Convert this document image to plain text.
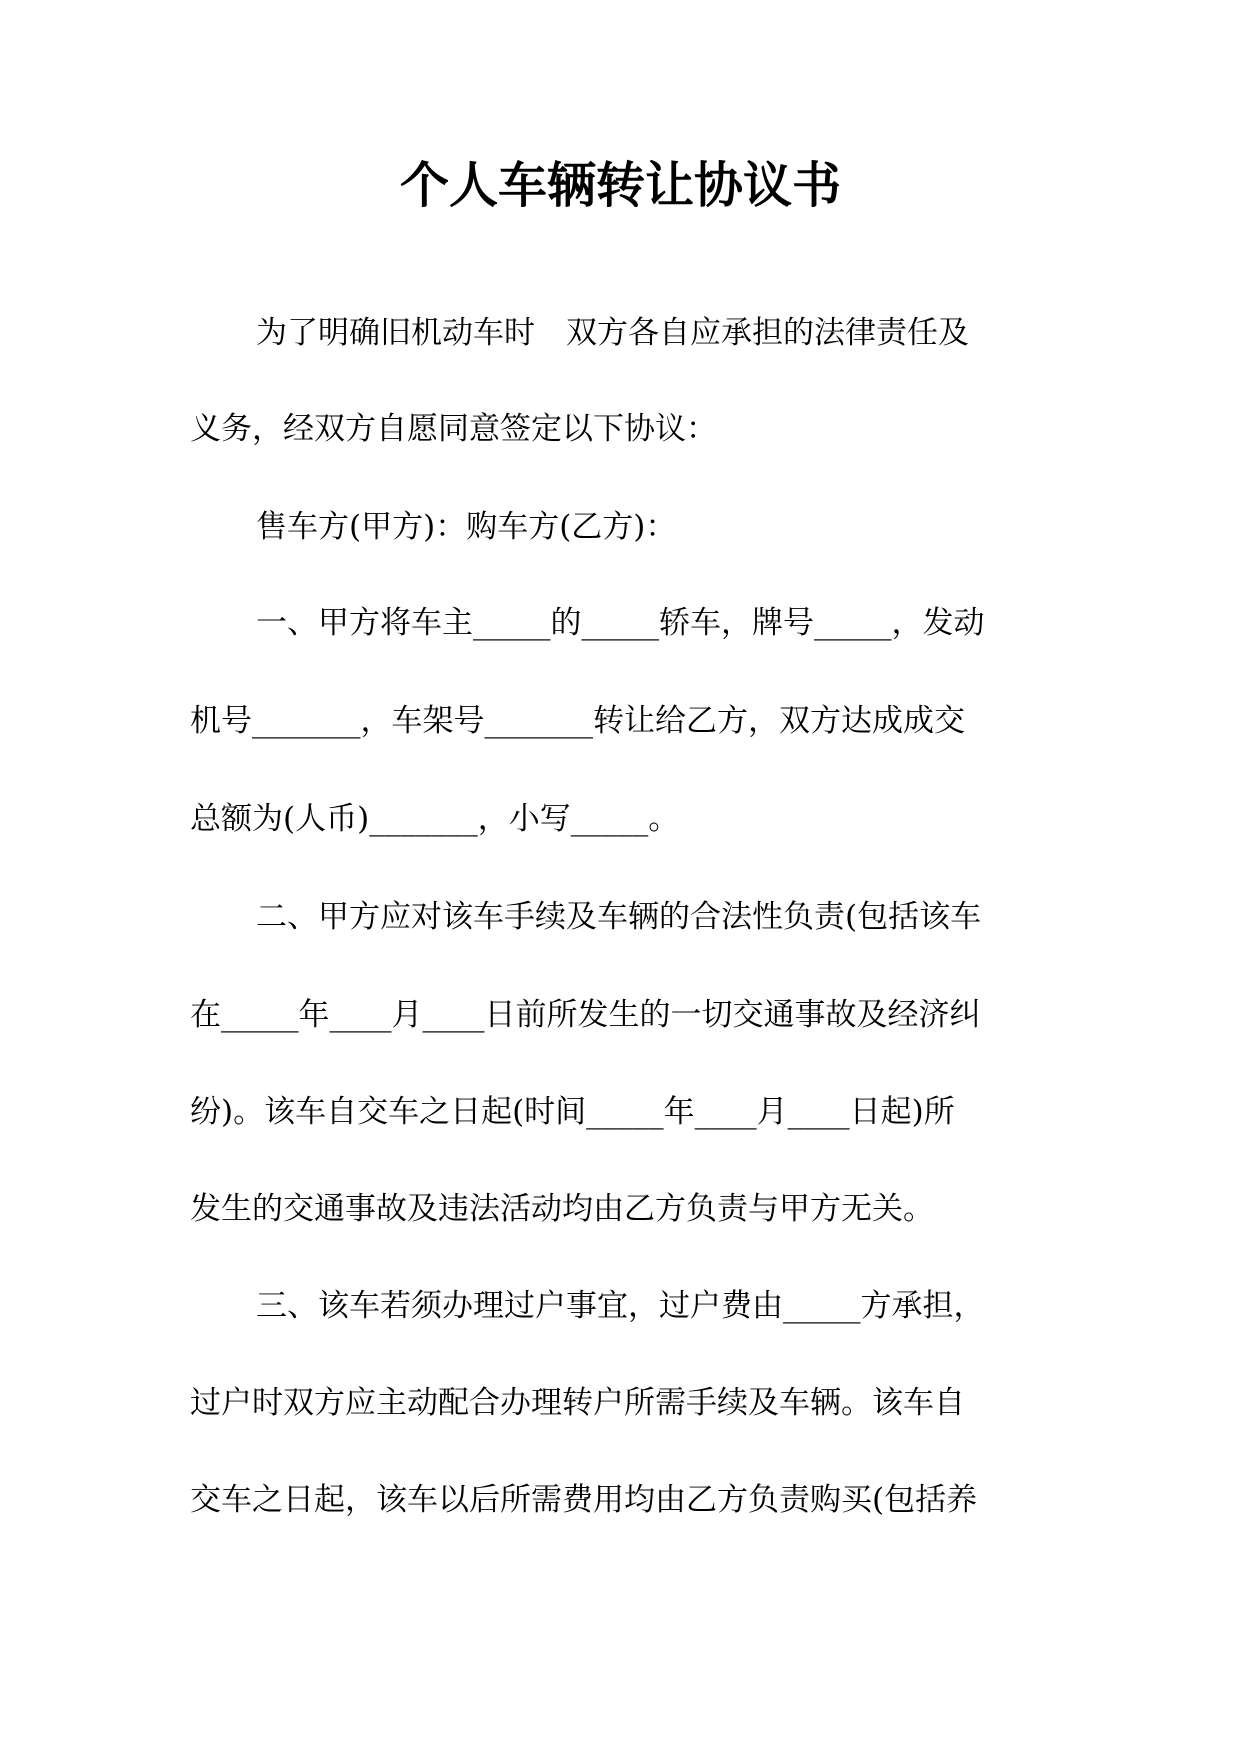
个人车辆转让协议书
为了明确旧机动车时　双方各自应承担的法律责任及
义务，经双方自愿同意签定以下协议：
售车方(甲方)：购车方(乙方)：
一、甲方将车主_____的_____轿车，牌号_____，发动
机号_______，车架号_______转让给乙方，双方达成成交
总额为(人币)_______，小写_____。
二、甲方应对该车手续及车辆的合法性负责(包括该车
在_____年____月____日前所发生的一切交通事故及经济纠
纷)。该车自交车之日起(时间_____年____月____日起)所
发生的交通事故及违法活动均由乙方负责与甲方无关。
三、该车若须办理过户事宜，过户费由_____方承担，
过户时双方应主动配合办理转户所需手续及车辆。该车自
交车之日起，该车以后所需费用均由乙方负责购买(包括养
